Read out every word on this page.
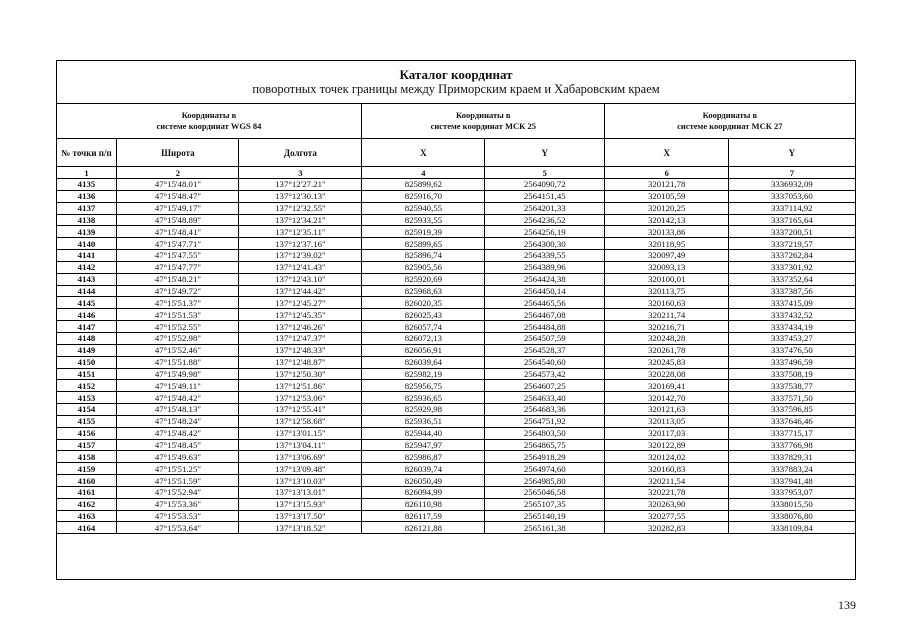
Каталог координат
поворотных точек границы между Приморским краем и Хабаровским краем
Координаты в
системе координат WGS 84			Координаты в
системе координат МСК 25		Координаты в
системе координат МСК 27	
№ точки п/п	Широта	Долгота	X	Y	X	Y
1	2	3	4	5	6	7
4135	47°15'48.01"	137°12'27.21"	825899,62	2564090,72	320121,78	3336932,09
4136	47°15'48.47"	137°12'30.13"	825916,70	2564151,45	320105,59	3337053,60
4137	47°15'49.17"	137°12'32.55"	825940,55	2564201,33	320120,25	3337114,92
4138	47°15'48.89"	137°12'34.21"	825933,55	2564236,52	320142,13	3337165,64
4139	47°15'48.41"	137°12'35.11"	825919,39	2564256,19	320133,86	3337200,51
4140	47°15'47.71"	137°12'37.16"	825899,65	2564300,30	320118,95	3337219,57
4141	47°15'47.55"	137°12'39.02"	825896,74	2564339,55	320097,49	3337262,84
4142	47°15'47.77"	137°12'41.43"	825905,56	2564389,96	320093,13	3337301,92
4143	47°15'48.21"	137°12'43.10"	825920,69	2564424,38	320100,01	3337352,64
4144	47°15'49.72"	137°12'44.42"	825968,63	2564450,14	320113,75	3337387,56
4145	47°15'51.37"	137°12'45.27"	826020,35	2564465,56	320160,63	3337415,09
4146	47°15'51.53"	137°12'45.35"	826025,43	2564467,08	320211,74	3337432,52
4147	47°15'52.55"	137°12'46.26"	826057,74	2564484,88	320216,71	3337434,19
4148	47°15'52.98"	137°12'47.37"	826072,13	2564507,59	320248,28	3337453,27
4149	47°15'52.46"	137°12'48.33"	826056,91	2564528,37	320261,78	3337476,50
4150	47°15'51.88"	137°12'48.87"	826039,64	2564540,60	320245,83	3337496,59
4151	47°15'49.98"	137°12'50.30"	825982,19	2564573,42	320228,08	3337508,19
4152	47°15'49.11"	137°12'51.86"	825956,75	2564607,25	320169,41	3337538,77
4153	47°15'48.42"	137°12'53.06"	825936,65	2564633,40	320142,70	3337571,50
4154	47°15'48.13"	137°12'55.41"	825929,98	2564683,36	320121,63	3337596,85
4155	47°15'48.24"	137°12'58.68"	825936,51	2564751,92	320113,05	3337646,46
4156	47°15'48.42"	137°13'01.15"	825944,40	2564803,50	320117,03	3337715,17
4157	47°15'48.45"	137°13'04.11"	825947,97	2564865,75	320122,89	3337766,98
4158	47°15'49.63"	137°13'06.69"	825986,87	2564918,29	320124,02	3337829,31
4159	47°15'51.25"	137°13'09.48"	826039,74	2564974,60	320160,83	3337883,24
4160	47°15'51.59"	137°13'10.03"	826050,49	2564985,80	320211,54	3337941,48
4161	47°15'52.94"	137°13'13.01"	826094,99	2565046,58	320221,78	3337953,07
4162	47°15'53.36"	137°13'15.93"	826110,98	2565107,35	320263,90	3338015,50
4163	47°15'53.53"	137°13'17.50"	826117,59	2565140,19	320277,55	3338076,80
4164	47°15'53.64"	137°13'18.52"	826121,88	2565161,38	320282,83	3338109,84
139
